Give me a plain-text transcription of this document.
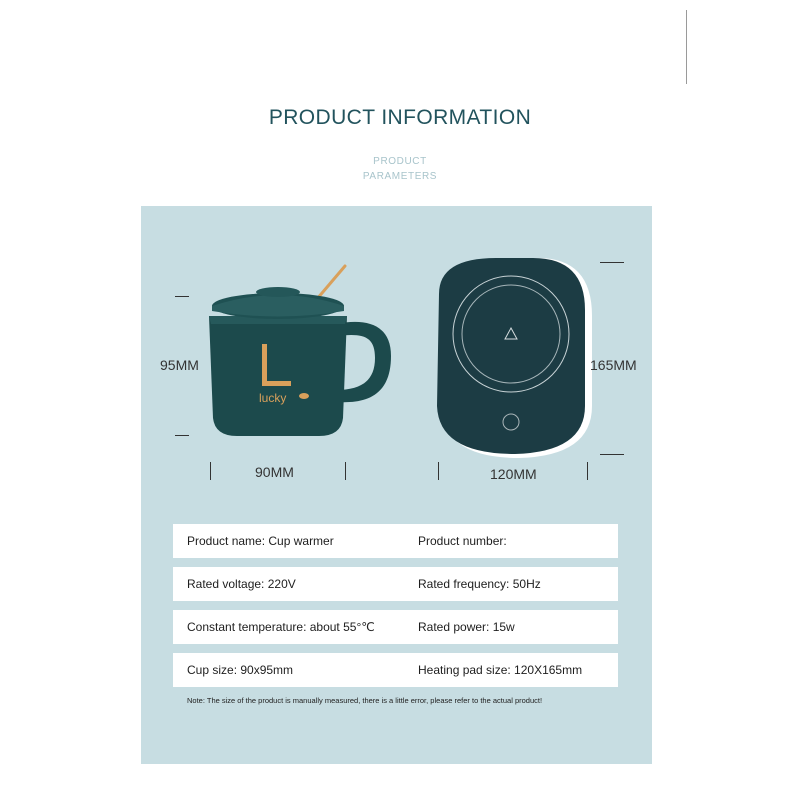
PRODUCT INFORMATION
PRODUCT
PARAMETERS
lucky
95MM
90MM
165MM
120MM
Product name: Cup warmer	Product number:
Rated voltage: 220V	Rated frequency: 50Hz
Constant temperature: about 55°℃	Rated power: 15w
Cup size: 90x95mm	Heating pad size: 120X165mm
Note: The size of the product is manually measured, there is a little error, please refer to the actual product!
